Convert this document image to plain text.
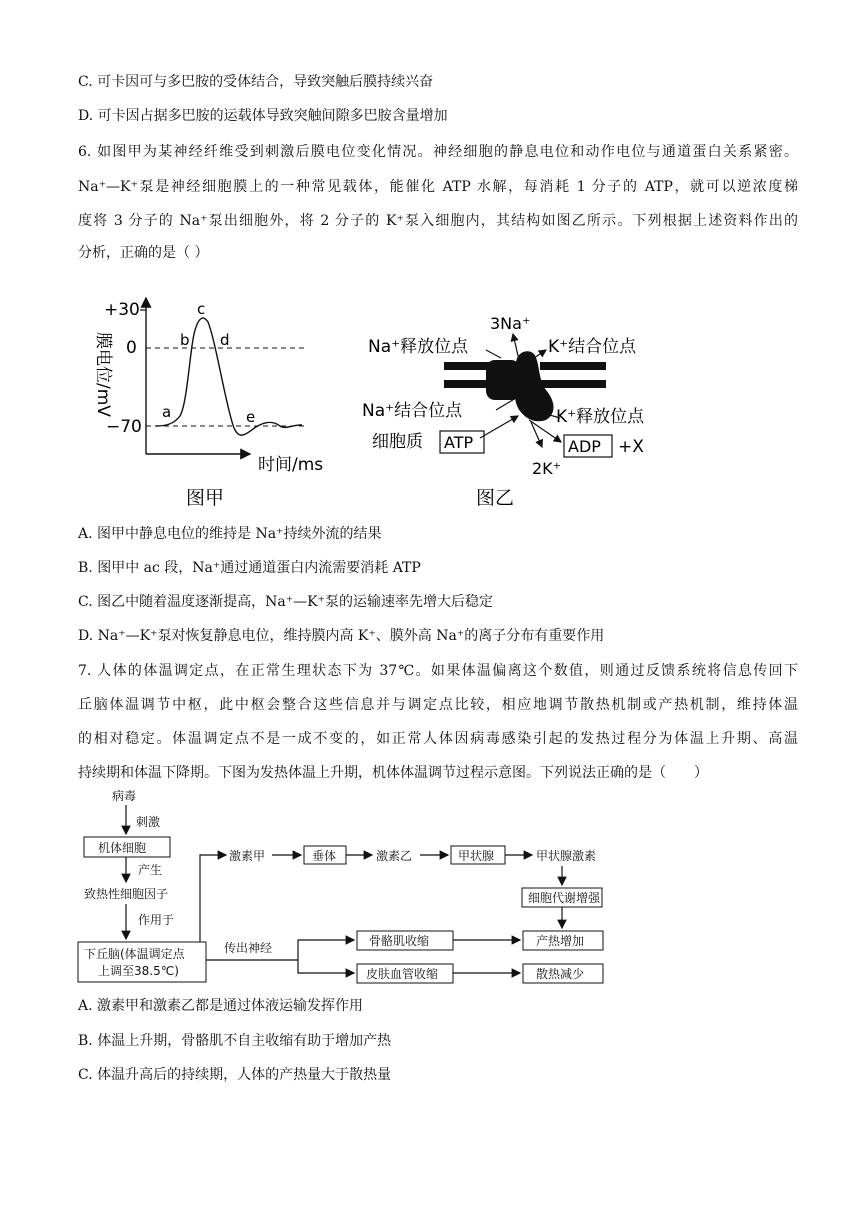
C. 可卡因可与多巴胺的受体结合，导致突触后膜持续兴奋
D. 可卡因占据多巴胺的运载体导致突触间隙多巴胺含量增加
6. 如图甲为某神经纤维受到刺激后膜电位变化情况。神经细胞的静息电位和动作电位与通道蛋白关系紧密。
Na⁺—K⁺泵是神经细胞膜上的一种常见载体，能催化 ATP 水解，每消耗 1 分子的 ATP，就可以逆浓度梯
度将 3 分子的 Na⁺泵出细胞外，将 2 分子的 K⁺泵入细胞内，其结构如图乙所示。下列根据上述资料作出的
分析，正确的是（ ）
+30
0
−70
膜电位/mV
时间/ms
a
b
c
d
e
图甲
3Na⁺
Na⁺释放位点	K⁺结合位点
Na⁺结合位点	K⁺释放位点
细胞质 ATP	ADP +X
2K⁺
图乙
A. 图甲中静息电位的维持是 Na⁺持续外流的结果
B. 图甲中 ac 段，Na⁺通过通道蛋白内流需要消耗 ATP
C. 图乙中随着温度逐渐提高，Na⁺—K⁺泵的运输速率先增大后稳定
D. Na⁺—K⁺泵对恢复静息电位，维持膜内高 K⁺、膜外高 Na⁺的离子分布有重要作用
7. 人体的体温调定点，在正常生理状态下为 37℃。如果体温偏离这个数值，则通过反馈系统将信息传回下
丘脑体温调节中枢，此中枢会整合这些信息并与调定点比较，相应地调节散热机制或产热机制，维持体温
的相对稳定。体温调定点不是一成不变的，如正常人体因病毒感染引起的发热过程分为体温上升期、高温
持续期和体温下降期。下图为发热体温上升期，机体体温调节过程示意图。下列说法正确的是（　　）
病毒
刺激
机体细胞
产生
致热性细胞因子
作用于
下丘脑(体温调定点
上调至38.5℃)
激素甲	垂体	激素乙	甲状腺	甲状腺激素
细胞代谢增强
传出神经	骨骼肌收缩
皮肤血管收缩
产热增加
散热减少
A. 激素甲和激素乙都是通过体液运输发挥作用
B. 体温上升期，骨骼肌不自主收缩有助于增加产热
C. 体温升高后的持续期，人体的产热量大于散热量
